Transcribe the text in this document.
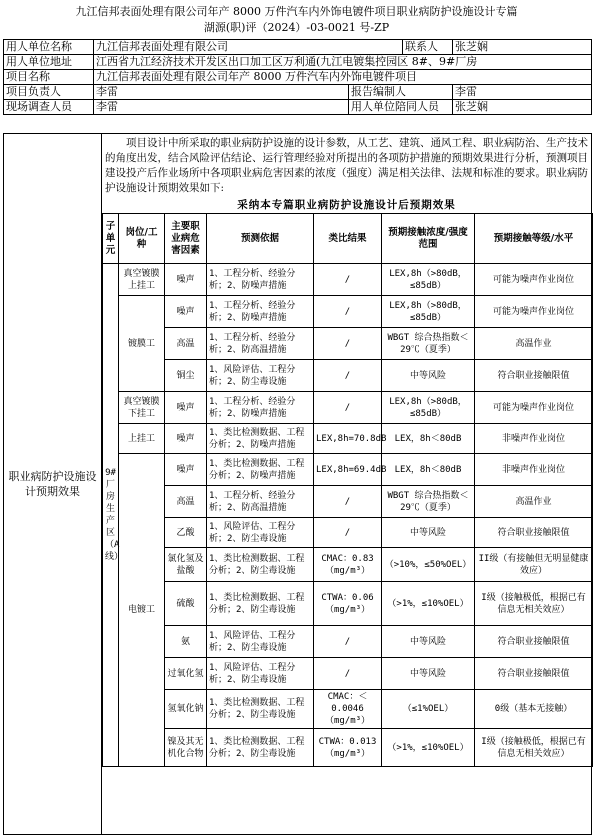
九江信邦表面处理有限公司年产 8000 万件汽车内外饰电镀件项目职业病防护设施设计专篇
湖源(职)评（2024）-03-0021 号-ZP
用人单位名称	九江信邦表面处理有限公司		联系人	张芝娴
用人单位地址	江西省九江经济技术开发区出口加工区万利通(九江电镀集控园区 8#、9#厂房			
项目名称	九江信邦表面处理有限公司年产 8000 万件汽车内外饰电镀件项目			
项目负责人	李雷	报告编制人		李雷
现场调查人员	李雷	用人单位陪同人员		张芝娴
职业病防护设施设计预期效果	
项目设计中所采取的职业病防护设施的设计参数，从工艺、建筑、通风工程、职业病防治、生产技术的角度出发，结合风险评估结论、运行管理经验对所提出的各项防护措施的预期效果进行分析，预测项目建设投产后作业场所中各项职业病危害因素的浓度（强度）满足相关法律、法规和标准的要求。职业病防护设施设计预期效果如下:
采纳本专篇职业病防护设施设计后预期效果
子单元	岗位/工种	主要职业病危害因素	预测依据	类比结果	预期接触浓度/强度范围	预期接触等级/水平
9#厂房生产区（A线）	真空镀膜上挂工	噪声	1、工程分析、经验分析；2、防噪声措施	/	LEX,8h（>80dB，≤85dB）	可能为噪声作业岗位
镀膜工	噪声	1、工程分析、经验分析；2、防噪声措施	/	LEX,8h（>80dB，≤85dB）	可能为噪声作业岗位
高温	1、工程分析、经验分析；2、防高温措施	/	WBGT 综合热指数＜29℃（夏季）	高温作业
铜尘	1、风险评估、工程分析；2、防尘毒设施	/	中等风险	符合职业接触限值
真空镀膜下挂工	噪声	1、工程分析、经验分析；2、防噪声措施	/	LEX,8h（>80dB，≤85dB）	可能为噪声作业岗位
上挂工	噪声	1、类比检测数据、工程分析；2、防噪声措施	LEX,8h=70.8dB	LEX，8h＜80dB	非噪声作业岗位
电镀工	噪声	1、类比检测数据、工程分析；2、防噪声措施	LEX,8h=69.4dB	LEX，8h＜80dB	非噪声作业岗位
高温	1、工程分析、经验分析；2、防高温措施	/	WBGT 综合热指数＜29℃（夏季）	高温作业
乙酸	1、风险评估、工程分析；2、防尘毒设施	/	中等风险	符合职业接触限值
氯化氢及盐酸	1、类比检测数据、工程分析；2、防尘毒设施	CMAC：0.83（mg/m³）	（>10%，≤50%OEL）	II级（有接触但无明显健康效应）
硫酸	1、类比检测数据、工程分析；2、防尘毒设施	CTWA：0.06（mg/m³）	（>1%，≤10%OEL）	I级（接触极低，根据已有信息无相关效应）
氨	1、风险评估、工程分析；2、防尘毒设施	/	中等风险	符合职业接触限值
过氧化氢	1、风险评估、工程分析；2、防尘毒设施	/	中等风险	符合职业接触限值
氢氧化钠	1、类比检测数据、工程分析；2、防尘毒设施	CMAC：＜0.0046（mg/m³）	（≤1%OEL）	0级（基本无接触）
镍及其无机化合物	1、类比检测数据、工程分析；2、防尘毒设施	CTWA：0.013（mg/m³）	（>1%，≤10%OEL）	I级（接触极低，根据已有信息无相关效应）
